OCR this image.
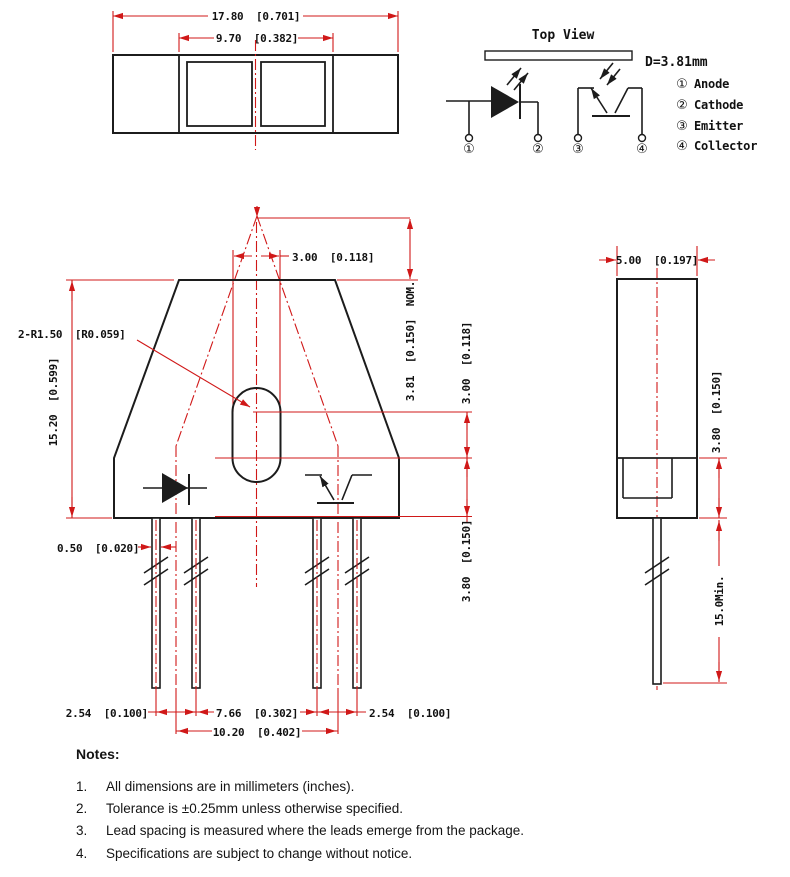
17.80  [0.701]
9.70  [0.382]	Top View
①	② ③	④
D=3.81mm
① Anode
② Cathode
③ Emitter
④ Collector
3.81  [0.150]  NOM.
3.00  [0.118]
2-R1.50  [R0.059]	3.00  [0.118]
3.80  [0.150]
15.20  [0.599]
0.50  [0.020]
2.54  [0.100]	7.66  [0.302]	2.54  [0.100]
10.20  [0.402]
5.00  [0.197]
3.80  [0.150]
15.0Min.
Notes:
1.	All dimensions are in millimeters (inches).
2.	Tolerance is ±0.25mm unless otherwise specified.
3.	Lead spacing is measured where the leads emerge from the package.
4.	Specifications are subject to change without notice.
